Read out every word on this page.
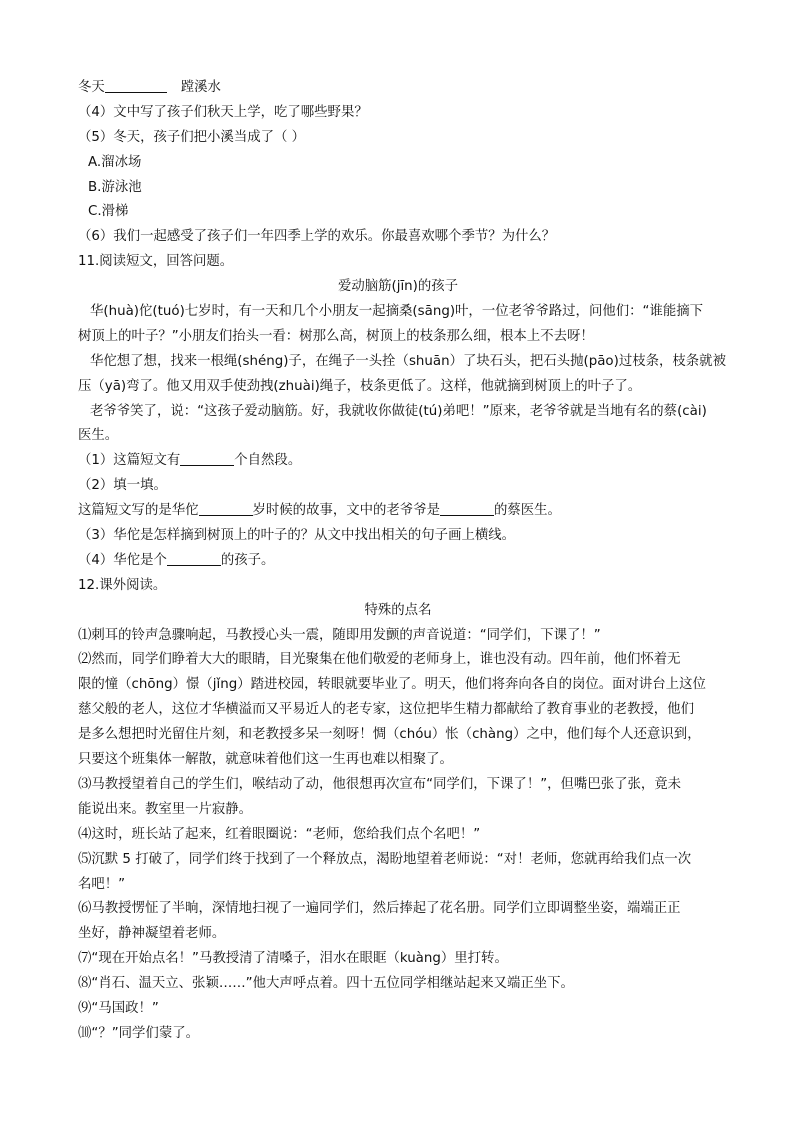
冬天	蹚溪水
（4）文中写了孩子们秋天上学，吃了哪些野果？
（5）冬天，孩子们把小溪当成了（ ）
A.溜冰场
B.游泳池
C.滑梯
（6）我们一起感受了孩子们一年四季上学的欢乐。你最喜欢哪个季节？为什么？
11.阅读短文，回答问题。
爱动脑筋(jīn)的孩子
华(huà)佗(tuó)七岁时，有一天和几个小朋友一起摘桑(sāng)叶，一位老爷爷路过，问他们：“谁能摘下
树顶上的叶子？”小朋友们抬头一看：树那么高，树顶上的枝条那么细，根本上不去呀！
华佗想了想，找来一根绳(shéng)子，在绳子一头拴（shuān）了块石头，把石头抛(pāo)过枝条，枝条就被
压（yā)弯了。他又用双手使劲拽(zhuài)绳子，枝条更低了。这样，他就摘到树顶上的叶子了。
老爷爷笑了，说：“这孩子爱动脑筋。好，我就收你做徒(tú)弟吧！”原来，老爷爷就是当地有名的蔡(cài)
医生。
（1）这篇短文有	个自然段。
（2）填一填。
这篇短文写的是华佗	岁时候的故事，文中的老爷爷是	的蔡医生。
（3）华佗是怎样摘到树顶上的叶子的？从文中找出相关的句子画上横线。
（4）华佗是个	的孩子。
12.课外阅读。
特殊的点名
⑴刺耳的铃声急骤响起，马教授心头一震，随即用发颤的声音说道：“同学们，下课了！”
⑵然而，同学们睁着大大的眼睛，目光聚集在他们敬爱的老师身上，谁也没有动。四年前，他们怀着无
限的憧（chōng）憬（jǐng）踏进校园，转眼就要毕业了。明天，他们将奔向各自的岗位。面对讲台上这位
慈父般的老人，这位才华横溢而又平易近人的老专家，这位把毕生精力都献给了教育事业的老教授，他们
是多么想把时光留住片刻，和老教授多呆一刻呀！惆（chóu）怅（chàng）之中，他们每个人还意识到，
只要这个班集体一解散，就意味着他们这一生再也难以相聚了。
⑶马教授望着自己的学生们，喉结动了动，他很想再次宣布“同学们，下课了！”，但嘴巴张了张，竟未
能说出来。教室里一片寂静。
⑷这时，班长站了起来，红着眼圈说：“老师，您给我们点个名吧！”
⑸沉默 5 打破了，同学们终于找到了一个释放点，渴盼地望着老师说：“对！老师，您就再给我们点一次
名吧！”
⑹马教授愣怔了半晌，深情地扫视了一遍同学们，然后捧起了花名册。同学们立即调整坐姿，端端正正
坐好，静神凝望着老师。
⑺“现在开始点名！”马教授清了清嗓子，泪水在眼眶（kuàng）里打转。
⑻“肖石、温天立、张颖……”他大声呼点着。四十五位同学相继站起来又端正坐下。
⑼“马国政！”
⑽“？”同学们蒙了。
